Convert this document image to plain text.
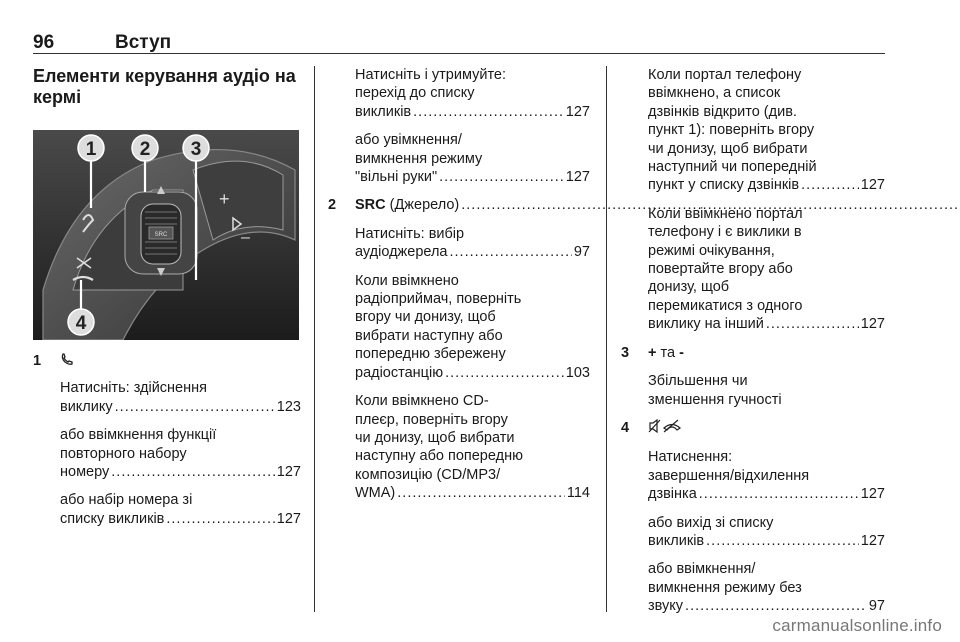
96	Вступ
Елементи керування аудіо на кермі
SRC
+
–
1 2 3
4
1

Натисніть: здійснення

виклику .....	123

або ввімкнення функції

повторного набору

номеру .....	127

або набір номера зі

списку викликів .....	127

Натисніть і утримуйте:

перехід до списку

викликів .....	127

або увімкнення/

вимкнення режиму

"вільні руки" .....	127
2	SRC (Джерело)
.....

Натисніть: вибір

аудіоджерела .....	97

Коли ввімкнено

радіоприймач, поверніть

вгору чи донизу, щоб

вибрати наступну або

попередню збережену

радіостанцію .....	103

Коли ввімкнено CD-

плеєр, поверніть вгору

чи донизу, щоб вибрати

наступну або попередню

композицію (CD/MP3/

WMA) .....	114

Коли портал телефону

ввімкнено, а список

дзвінків відкрито (див.

пункт 1): поверніть вгору

чи донизу, щоб вибрати

наступний чи попередній

пункт у списку дзвінків .....	127

Коли ввімкнено портал

телефону і є виклики в

режимі очікування,

повертайте вгору або

донизу, щоб

перемикатися з одного

виклику на інший .....	127
3	+ та -

Збільшення чи

зменшення гучності

4

Натиснення:

завершення/відхилення

дзвінка .....	127

або вихід зі списку

викликів .....	127

або ввімкнення/

вимкнення режиму без

звуку .....	97
carmanualsonline.info
